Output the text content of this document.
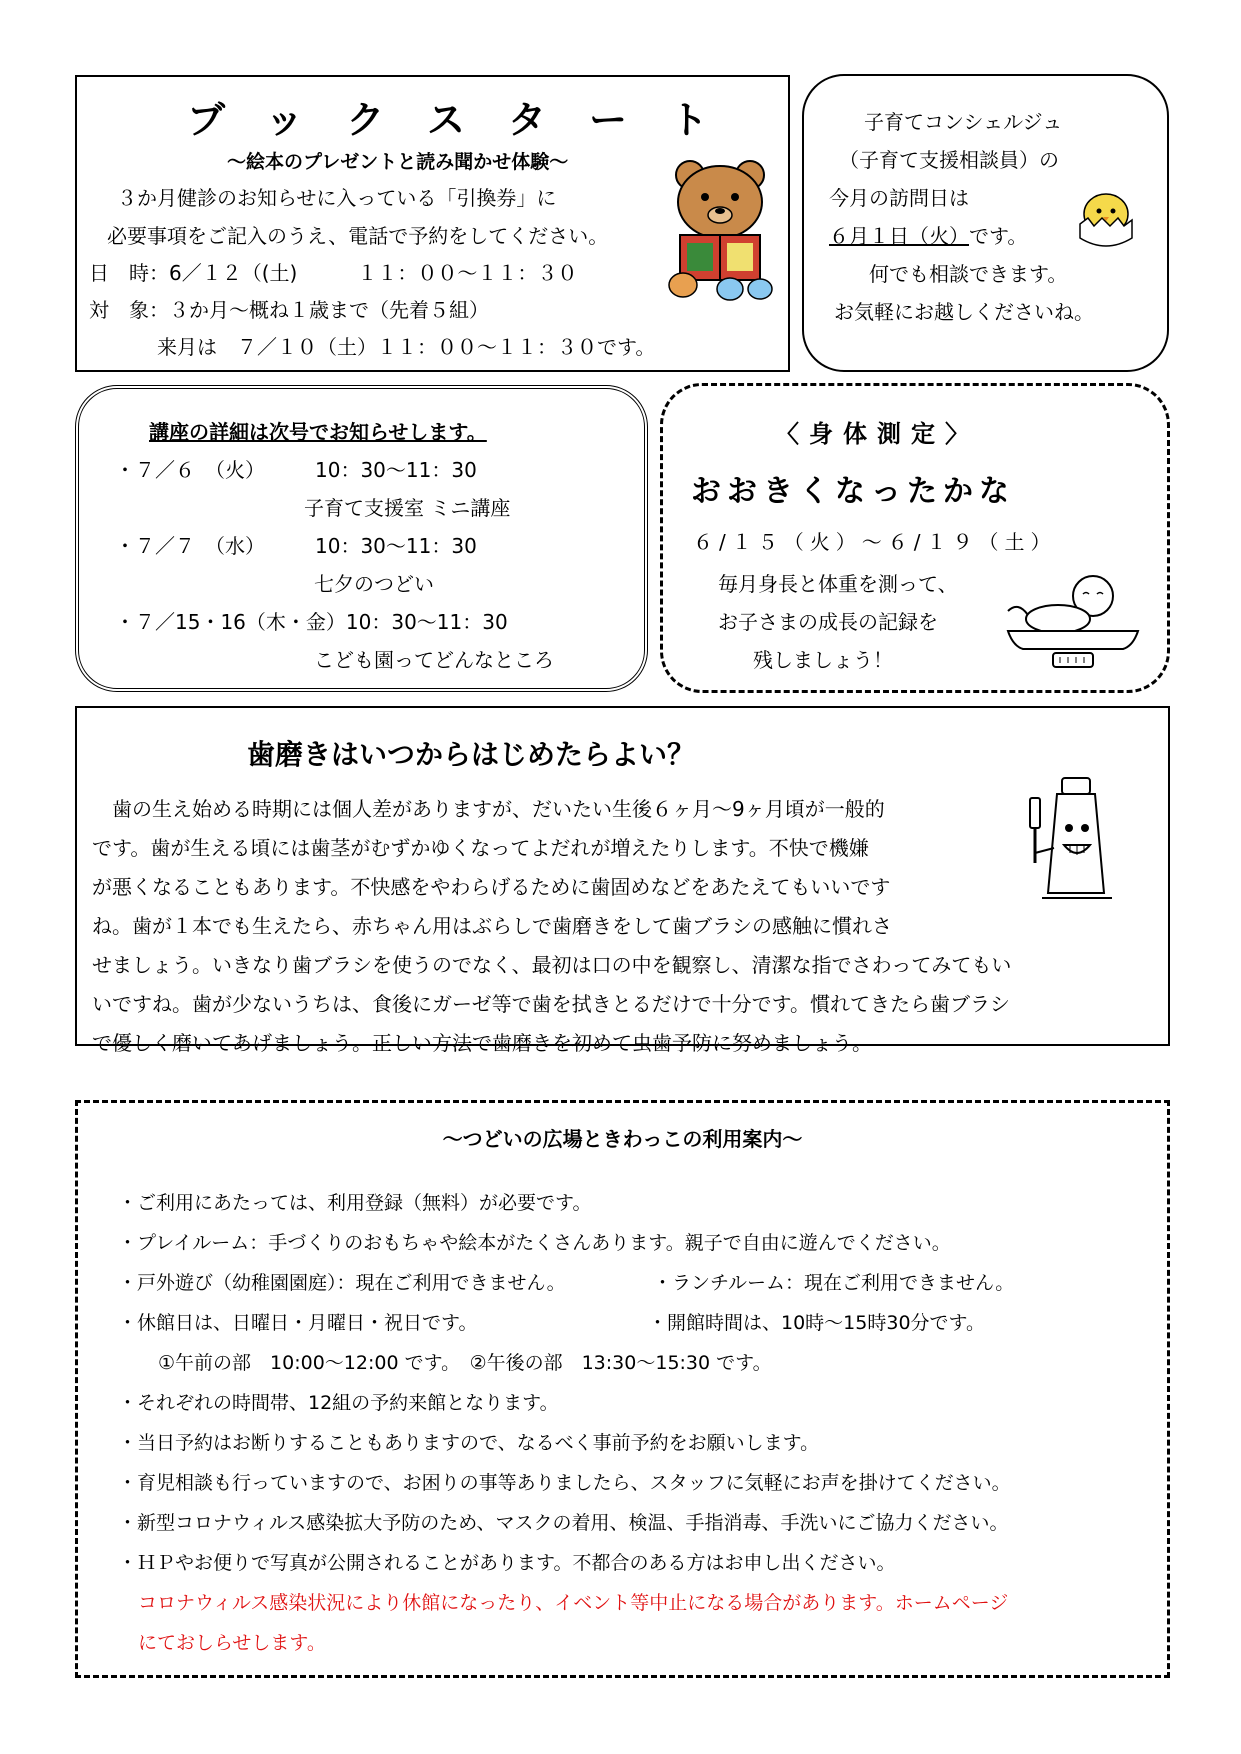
ブックスタート
～絵本のプレゼントと読み聞かせ体験～
３か月健診のお知らせに入っている「引換券」に
必要事項をご記入のうえ、電話で予約をしてください。
日　時：6／１２（(土)　　　１１：００～１１：３０
対　象：３か月～概ね１歳まで（先着５組）
来月は　７／１０（土）１１：００～１１：３０です。
子育てコンシェルジュ
（子育て支援相談員）の
今月の訪問日は
６月１日（火）です。
何でも相談できます。
お気軽にお越しくださいね。
講座の詳細は次号でお知らせします。
・７／６　（火）　　　10：30～11：30
子育て支援室 ミニ講座
・７／７　（水）　　　10：30～11：30
七夕のつどい
・７／15・16（木・金）10：30～11：30
こども園ってどんなところ
〈身体測定〉
おおきくなったかな
６/１５（火）～６/１９（土）
毎月身長と体重を測って、
お子さまの成長の記録を
残しましょう！
歯磨きはいつからはじめたらよい？
歯の生え始める時期には個人差がありますが、だいたい生後６ヶ月～9ヶ月頃が一般的
です。歯が生える頃には歯茎がむずかゆくなってよだれが増えたりします。不快で機嫌
が悪くなることもあります。不快感をやわらげるために歯固めなどをあたえてもいいです
ね。歯が１本でも生えたら、赤ちゃん用はぶらしで歯磨きをして歯ブラシの感触に慣れさ
せましょう。いきなり歯ブラシを使うのでなく、最初は口の中を観察し、清潔な指でさわってみてもい
いですね。歯が少ないうちは、食後にガーゼ等で歯を拭きとるだけで十分です。慣れてきたら歯ブラシ
で優しく磨いてあげましょう。正しい方法で歯磨きを初めて虫歯予防に努めましょう。
～つどいの広場ときわっこの利用案内～
・ご利用にあたっては、利用登録（無料）が必要です。
・プレイルーム：手づくりのおもちゃや絵本がたくさんあります。親子で自由に遊んでください。
・戸外遊び（幼稚園園庭）：現在ご利用できません。	・ランチルーム：現在ご利用できません。
・休館日は、日曜日・月曜日・祝日です。	・開館時間は、10時～15時30分です。
①午前の部　10:00～12:00 です。　②午後の部　13:30～15:30 です。
・それぞれの時間帯、12組の予約来館となります。
・当日予約はお断りすることもありますので、なるべく事前予約をお願いします。
・育児相談も行っていますので、お困りの事等ありましたら、スタッフに気軽にお声を掛けてください。
・新型コロナウィルス感染拡大予防のため、マスクの着用、検温、手指消毒、手洗いにご協力ください。
・ＨＰやお便りで写真が公開されることがあります。不都合のある方はお申し出ください。
コロナウィルス感染状況により休館になったり、イベント等中止になる場合があります。ホームページ
にておしらせします。
